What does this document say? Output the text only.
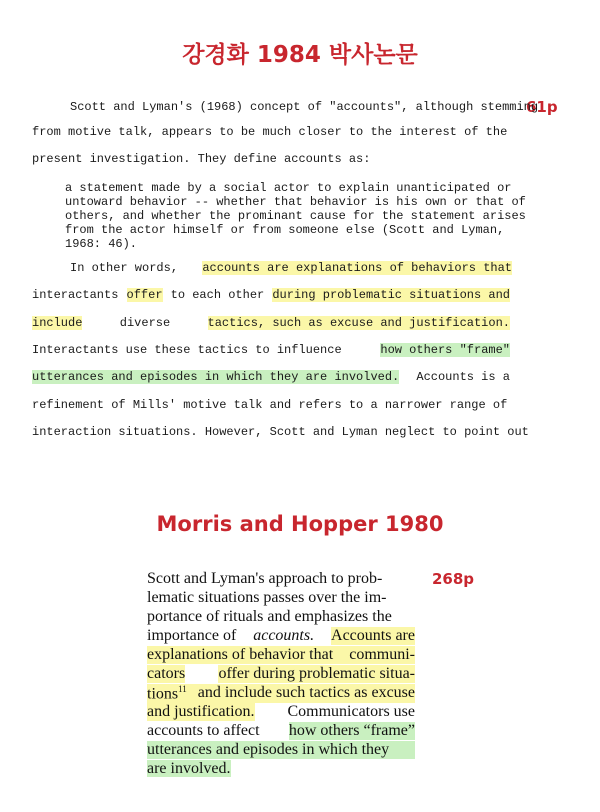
강경화 1984 박사논문
61p
Scott and Lyman's (1968) concept of "accounts", although stemming
from motive talk, appears to be much closer to the interest of the
present investigation. They define accounts as:
a statement made by a social actor to explain unanticipated or
untoward behavior -- whether that behavior is his own or that of
others, and whether the prominant cause for the statement arises
from the actor himself or from someone else (Scott and Lyman,
1968: 46).
In other words, accounts are explanations of behaviors that
interactants offer to each other during problematic situations and
include	diverse	tactics, such as excuse and justification.
Interactants use these tactics to influence	how others "frame"
utterances and episodes in which they are involved. Accounts is a
refinement of Mills' motive talk and refers to a narrower range of
interaction situations. However, Scott and Lyman neglect to point out
Morris and Hopper 1980
268p
Scott and Lyman's approach to prob-
lematic situations passes over the im-
portance of rituals and emphasizes the
importance of accounts. Accounts are
explanations of behavior that communi-
cators offer during problematic situa-
tions$^{11}$ and include such tactics as excuse
and justification. Communicators use
accounts to affect how others “frame”
utterances and episodes in which they
are involved.
